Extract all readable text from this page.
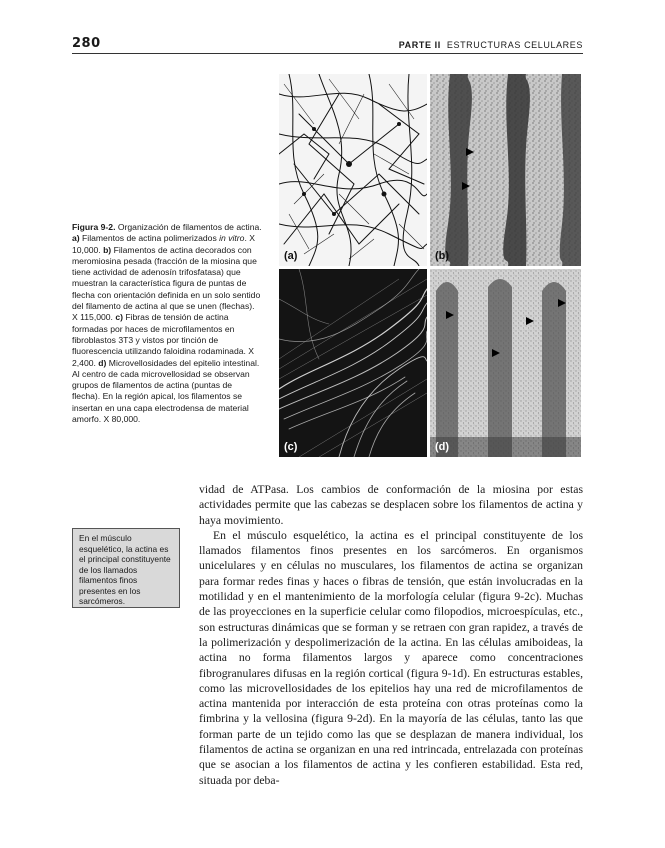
280	PARTE II ESTRUCTURAS CELULARES
(a)	(b)
(c)	(d)
Figura 9-2. Organización de filamentos de actina. a) Filamentos de actina polimerizados in vitro. X 10,000. b) Filamentos de actina decorados con meromiosina pesada (fracción de la miosina que tiene actividad de adenosín trifosfatasa) que muestran la característica figura de puntas de flecha con orientación definida en un solo sentido del filamento de actina al que se unen (flechas). X 115,000. c) Fibras de tensión de actina formadas por haces de microfilamentos en fibroblastos 3T3 y vistos por tinción de fluorescencia utilizando faloidina rodaminada. X 2,400. d) Microvellosidades del epitelio intestinal. Al centro de cada microvellosidad se observan grupos de filamentos de actina (puntas de flecha). En la región apical, los filamentos se insertan en una capa electrodensa de material amorfo. X 80,000.
En el músculo esquelético, la actina es el principal constituyente de los llamados filamentos finos presentes en los sarcómeros.

vidad de ATPasa. Los cambios de conformación de la miosina por estas actividades permite que las cabezas se desplacen sobre los filamentos de actina y haya movimiento.

En el músculo esquelético, la actina es el principal constituyente de los llamados filamentos finos presentes en los sarcómeros. En organismos unicelulares y en células no musculares, los filamentos de actina se organizan para formar redes finas y haces o fibras de tensión, que están involucradas en la motilidad y en el mantenimiento de la morfología celular (figura 9-2c). Muchas de las proyecciones en la superficie celular como filopodios, microespículas, etc., son estructuras dinámicas que se forman y se retraen con gran rapidez, a través de la polimerización y despolimerización de la actina. En las células amiboideas, la actina no forma filamentos largos y aparece como concentraciones fibrogranulares difusas en la región cortical (figura 9-1d). En estructuras estables, como las microvellosidades de los epitelios hay una red de microfilamentos de actina mantenida por interacción de esta proteína con otras proteínas como la fimbrina y la vellosina (figura 9-2d). En la mayoría de las células, tanto las que forman parte de un tejido como las que se desplazan de manera individual, los filamentos de actina se organizan en una red intrincada, entrelazada con proteínas que se asocian a los filamentos de actina y les confieren estabilidad. Esta red, situada por deba-
